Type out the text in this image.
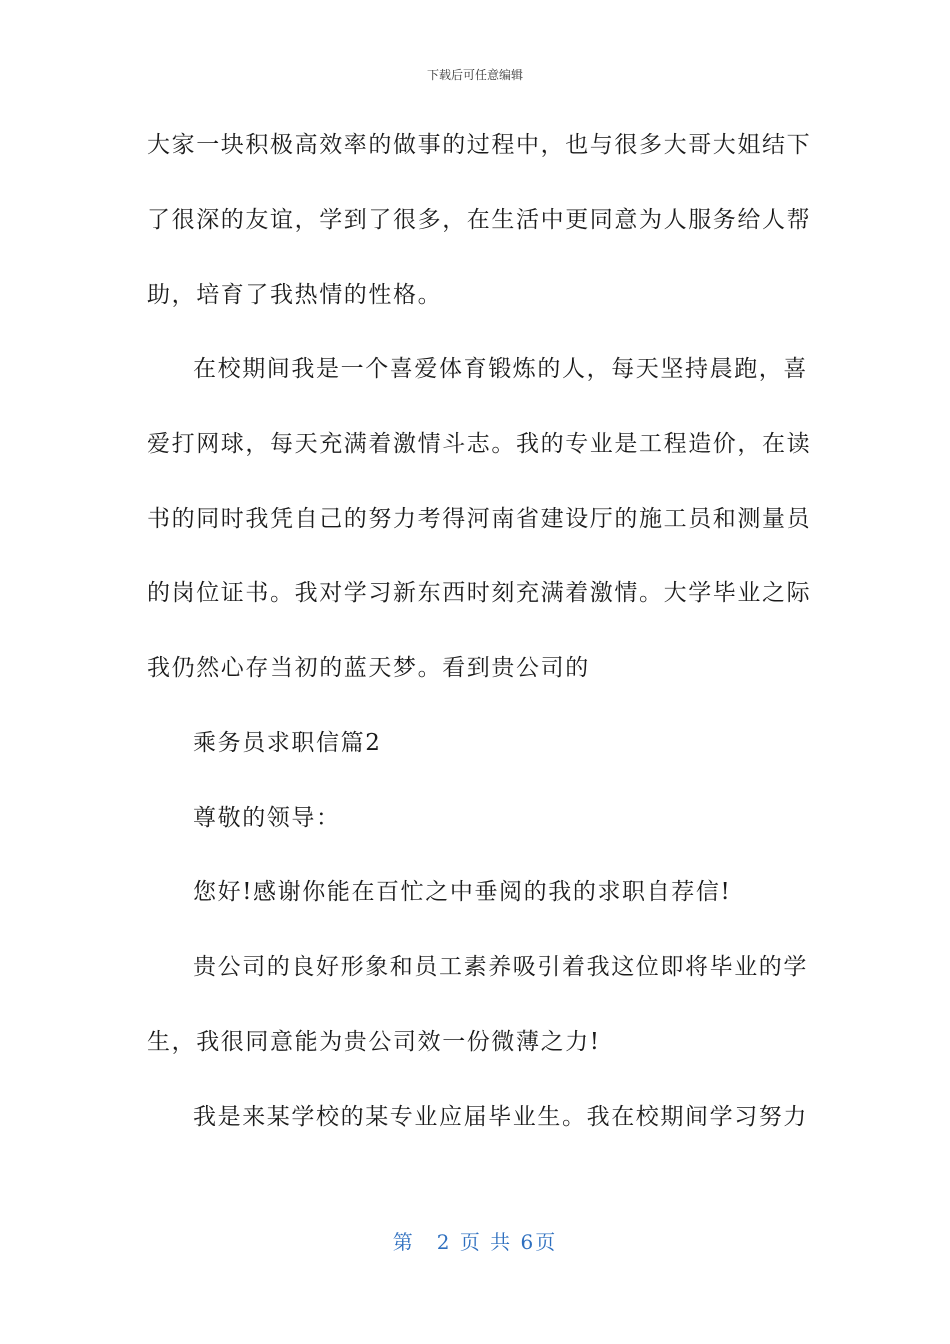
下载后可任意编辑
大家一块积极高效率的做事的过程中，也与很多大哥大姐结下
了很深的友谊，学到了很多，在生活中更同意为人服务给人帮
助，培育了我热情的性格。
在校期间我是一个喜爱体育锻炼的人，每天坚持晨跑，喜
爱打网球，每天充满着激情斗志。我的专业是工程造价，在读
书的同时我凭自己的努力考得河南省建设厅的施工员和测量员
的岗位证书。我对学习新东西时刻充满着激情。大学毕业之际
我仍然心存当初的蓝天梦。看到贵公司的
乘务员求职信篇2
尊敬的领导：
您好!感谢你能在百忙之中垂阅的我的求职自荐信!
贵公司的良好形象和员工素养吸引着我这位即将毕业的学
生，我很同意能为贵公司效一份微薄之力!
我是来某学校的某专业应届毕业生。我在校期间学习努力
第　2 页 共 6页
